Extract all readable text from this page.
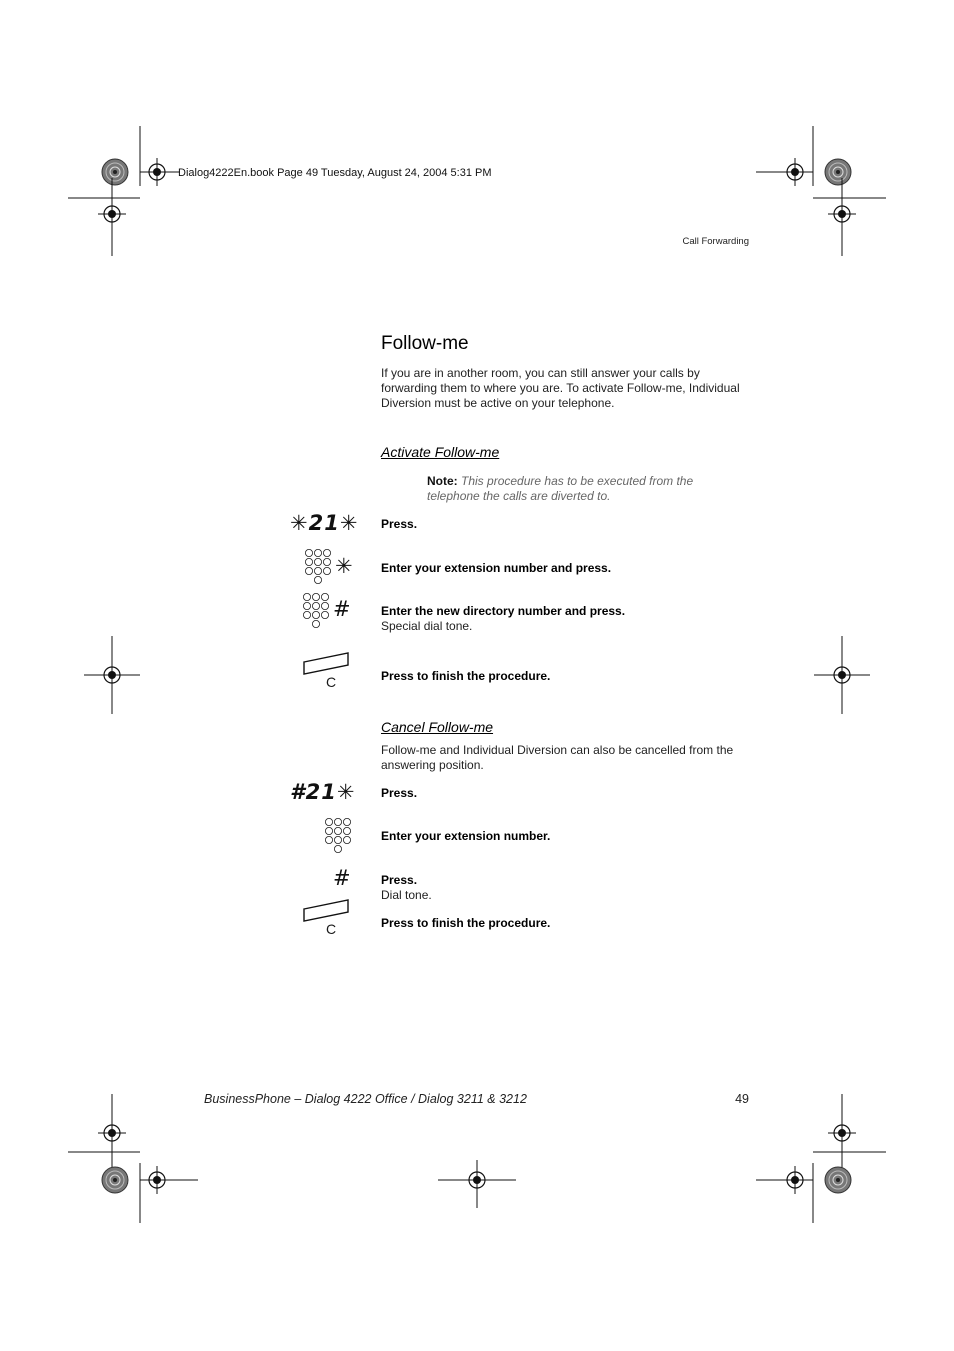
Dialog4222En.book Page 49 Tuesday, August 24, 2004 5:31 PM
Call Forwarding
Follow-me
If you are in another room, you can still answer your calls by forwarding them to where you are. To activate Follow-me, Individual Diversion must be active on your telephone.
Activate Follow-me
Note: This procedure has to be executed from the telephone the calls are diverted to.
✳21✳ Press.
✳ Enter your extension number and press.
#	Enter the new directory number and press.
Special dial tone.
C	Press to finish the procedure.
Cancel Follow-me
Follow-me and Individual Diversion can also be cancelled from the answering position.
#21✳ Press.
Enter your extension number.
#	Press.
Dial tone.
C	Press to finish the procedure.
BusinessPhone – Dialog 4222 Office / Dialog 3211 & 3212	49
